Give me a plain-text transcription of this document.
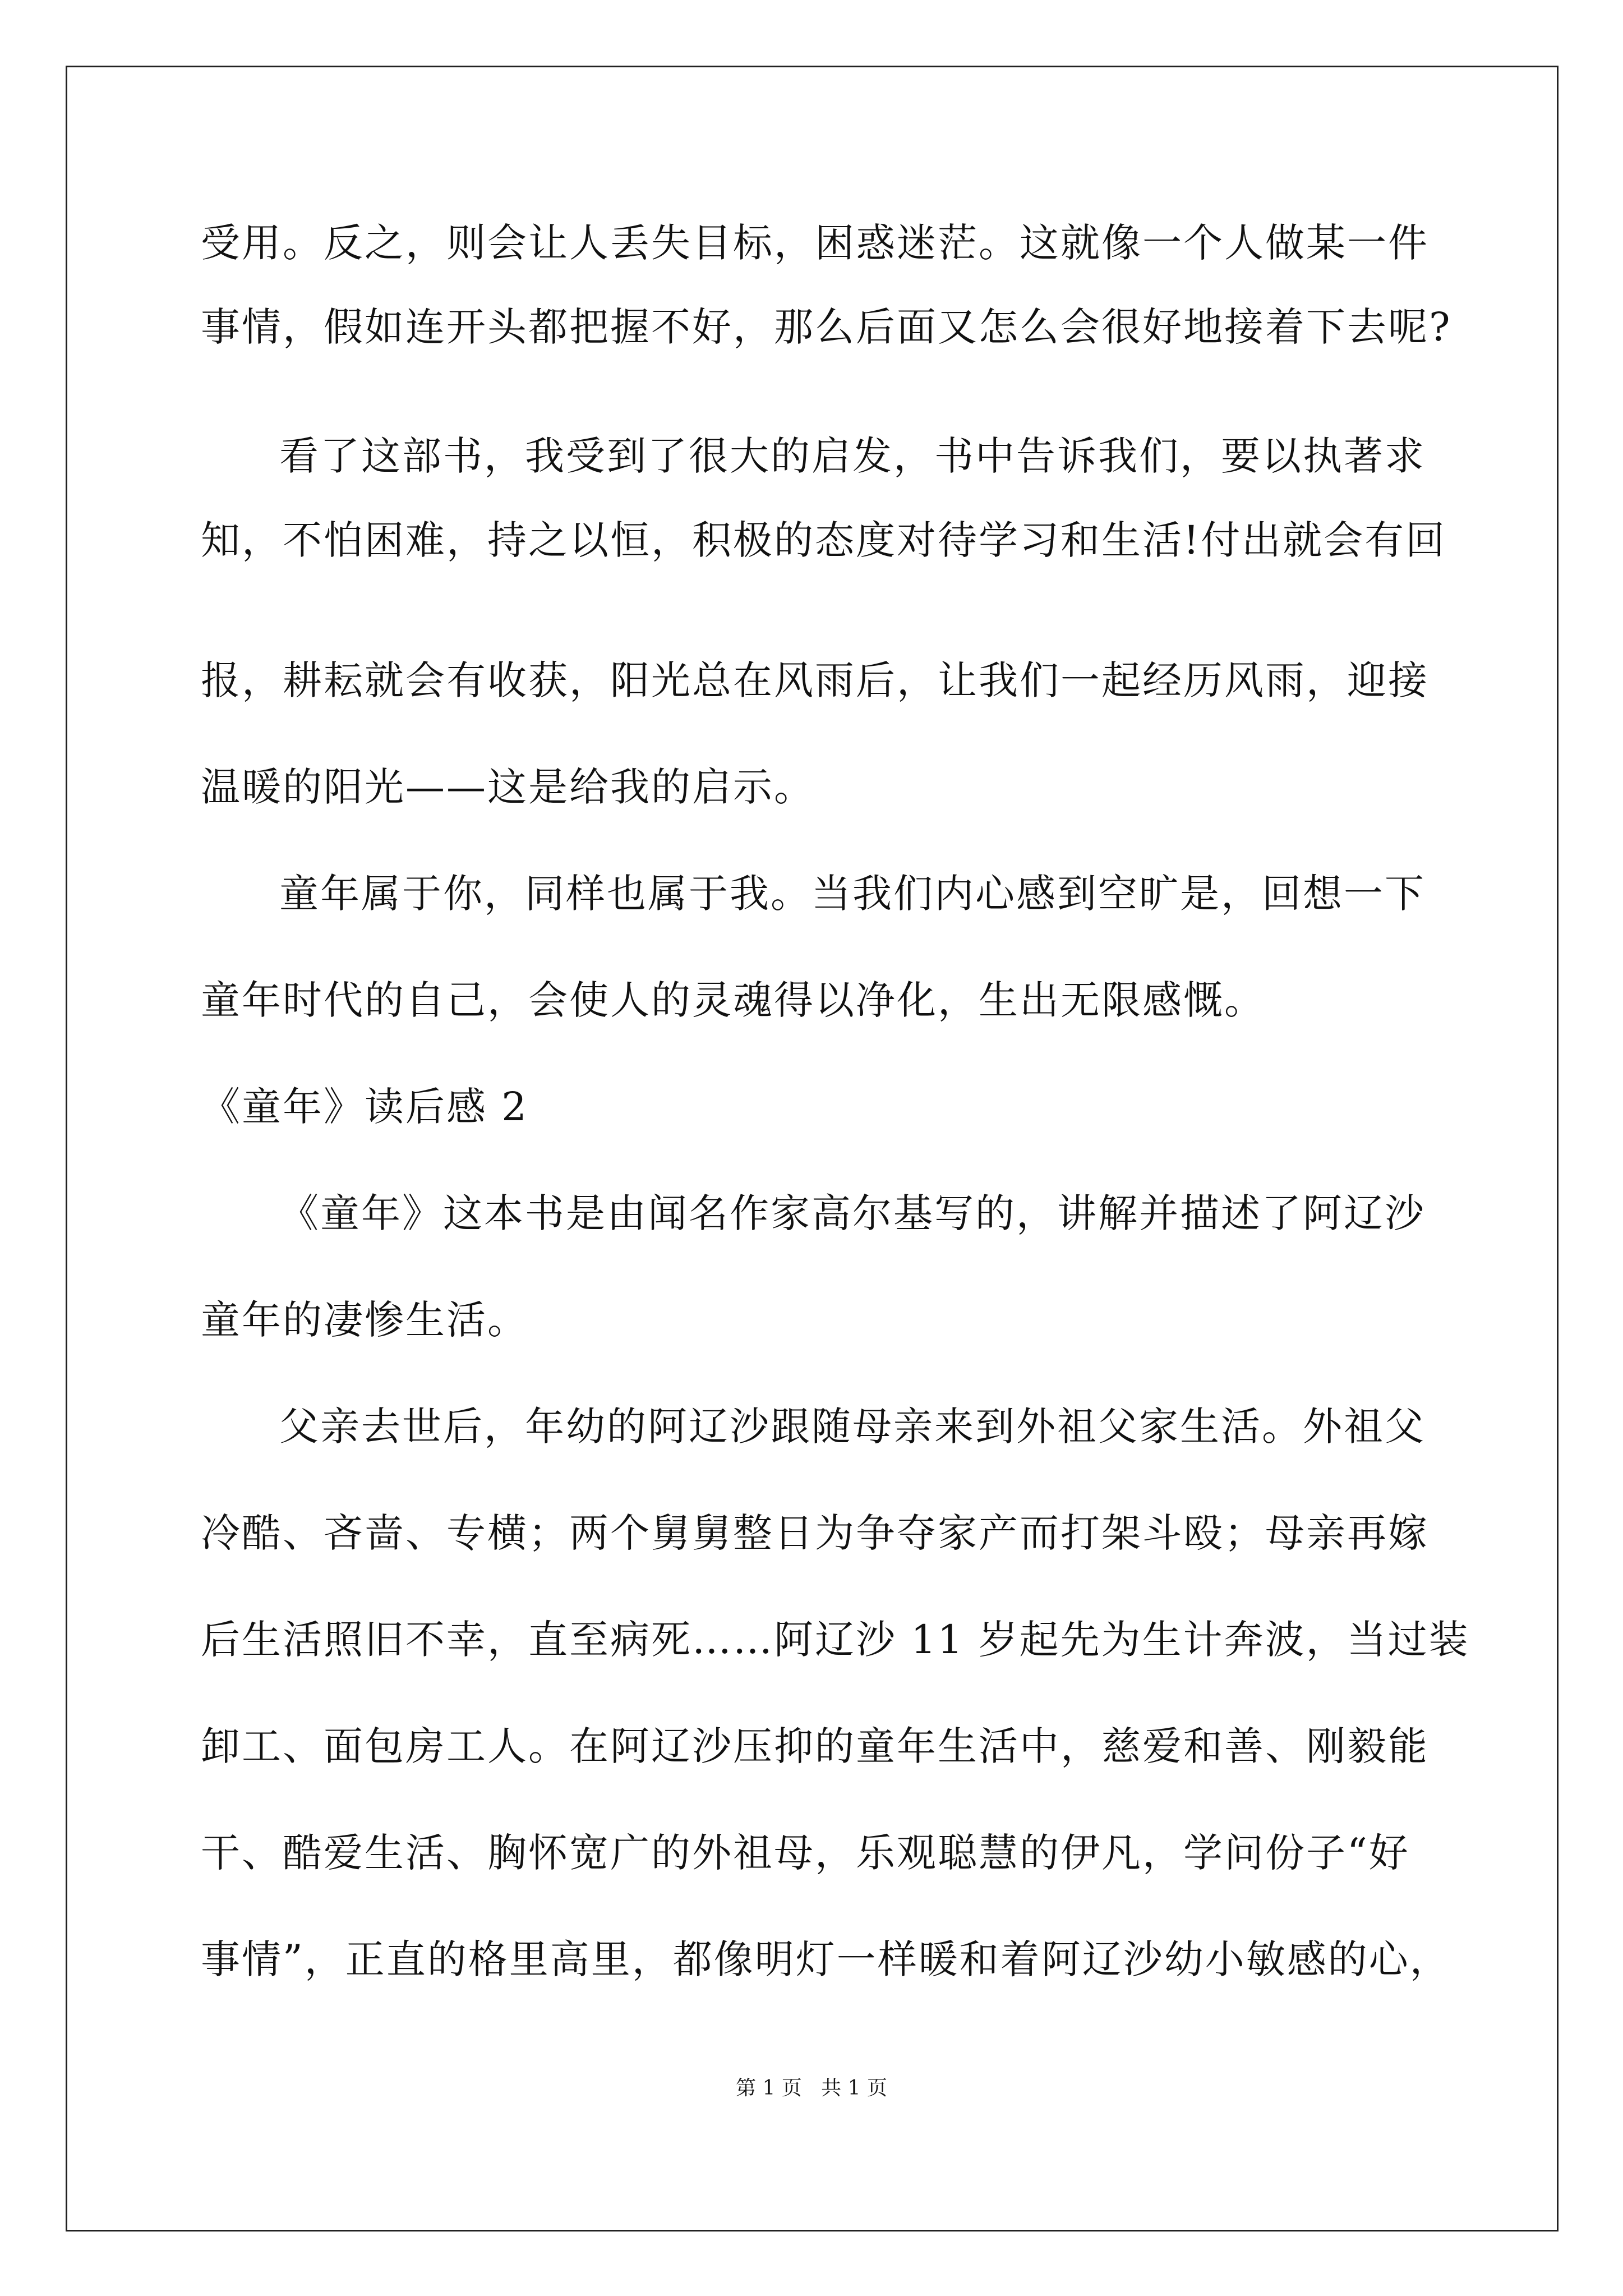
受用。反之，则会让人丢失目标，困惑迷茫。这就像一个人做某一件
事情，假如连开头都把握不好，那么后面又怎么会很好地接着下去呢?
看了这部书，我受到了很大的启发，书中告诉我们，要以执著求
知，不怕困难，持之以恒，积极的态度对待学习和生活!付出就会有回
报，耕耘就会有收获，阳光总在风雨后，让我们一起经历风雨，迎接
温暖的阳光——这是给我的启示。
童年属于你，同样也属于我。当我们内心感到空旷是，回想一下
童年时代的自己，会使人的灵魂得以净化，生出无限感慨。
《童年》读后感 2
《童年》这本书是由闻名作家高尔基写的，讲解并描述了阿辽沙
童年的凄惨生活。
父亲去世后，年幼的阿辽沙跟随母亲来到外祖父家生活。外祖父
冷酷、吝啬、专横；两个舅舅整日为争夺家产而打架斗殴；母亲再嫁
后生活照旧不幸，直至病死……阿辽沙 11 岁起先为生计奔波，当过装
卸工、面包房工人。在阿辽沙压抑的童年生活中，慈爱和善、刚毅能
干、酷爱生活、胸怀宽广的外祖母，乐观聪慧的伊凡，学问份子“好
事情”，正直的格里高里，都像明灯一样暖和着阿辽沙幼小敏感的心，
第 1 页   共 1 页
